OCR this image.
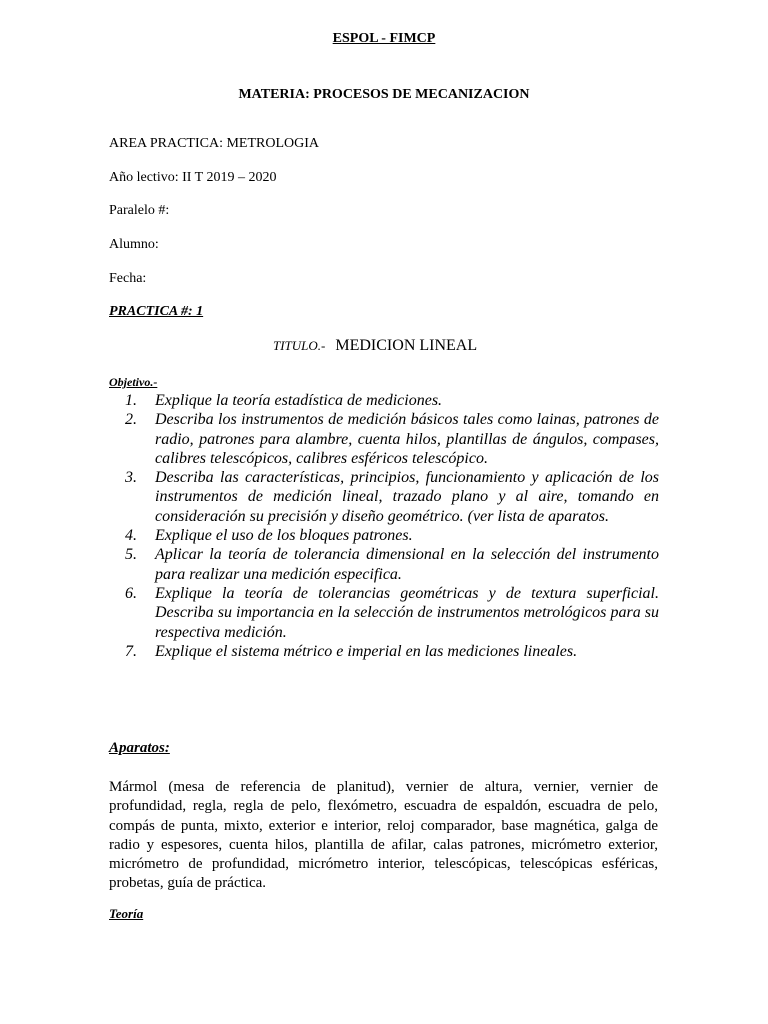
ESPOL - FIMCP
MATERIA: PROCESOS DE MECANIZACION
AREA PRACTICA: METROLOGIA
Año lectivo: II T 2019 – 2020
Paralelo #:
Alumno:
Fecha:
PRACTICA #: 1
TITULO.- MEDICION LINEAL
Objetivo.-
1.	Explique la teoría estadística de mediciones.
2.	Describa los instrumentos de medición básicos tales como lainas, patrones de radio, patrones para alambre, cuenta hilos, plantillas de ángulos, compases, calibres telescópicos, calibres esféricos telescópico.
3.	Describa las características, principios, funcionamiento y aplicación de los instrumentos de medición lineal, trazado plano y al aire, tomando en consideración su precisión y diseño geométrico. (ver lista de aparatos.
4.	Explique el uso de los bloques patrones.
5.	Aplicar la teoría de tolerancia dimensional en la selección del instrumento para realizar una medición especifica.
6.	Explique la teoría de tolerancias geométricas y de textura superficial. Describa su importancia en la selección de instrumentos metrológicos para su respectiva medición.
7.	Explique el sistema métrico e imperial en las mediciones lineales.
Aparatos:

Mármol (mesa de referencia de planitud), vernier de altura, vernier, vernier de profundidad, regla, regla de pelo, flexómetro, escuadra de espaldón, escuadra de pelo, compás de punta, mixto, exterior e interior, reloj comparador, base magnética, galga de radio y espesores, cuenta hilos, plantilla de afilar, calas patrones, micrómetro exterior, micrómetro de profundidad, micrómetro interior, telescópicas, telescópicas esféricas, probetas, guía de práctica.

Teoría
